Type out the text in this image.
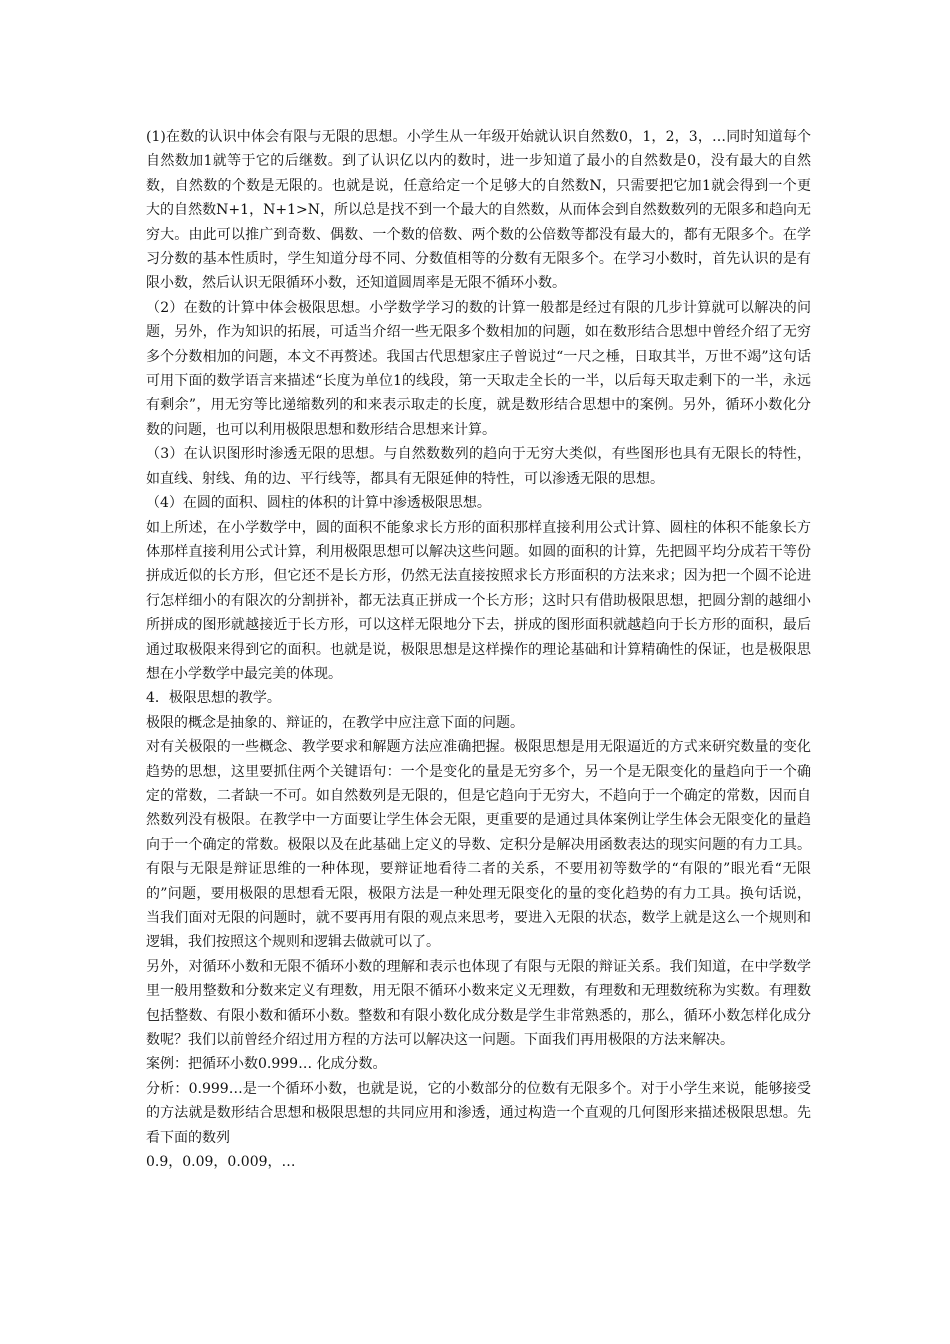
(1)在数的认识中体会有限与无限的思想。小学生从一年级开始就认识自然数0，1，2，3，…同时知道每个自然数加1就等于它的后继数。到了认识亿以内的数时，进一步知道了最小的自然数是0，没有最大的自然数，自然数的个数是无限的。也就是说，任意给定一个足够大的自然数N，只需要把它加1就会得到一个更大的自然数N+1，N+1>N，所以总是找不到一个最大的自然数，从而体会到自然数数列的无限多和趋向无穷大。由此可以推广到奇数、偶数、一个数的倍数、两个数的公倍数等都没有最大的，都有无限多个。在学习分数的基本性质时，学生知道分母不同、分数值相等的分数有无限多个。在学习小数时，首先认识的是有限小数，然后认识无限循环小数，还知道圆周率是无限不循环小数。

（2）在数的计算中体会极限思想。小学数学学习的数的计算一般都是经过有限的几步计算就可以解决的问题，另外，作为知识的拓展，可适当介绍一些无限多个数相加的问题，如在数形结合思想中曾经介绍了无穷多个分数相加的问题，本文不再赘述。我国古代思想家庄子曾说过“一尺之棰，日取其半，万世不竭”这句话可用下面的数学语言来描述“长度为单位1的线段，第一天取走全长的一半，以后每天取走剩下的一半，永远有剩余”，用无穷等比递缩数列的和来表示取走的长度，就是数形结合思想中的案例。另外，循环小数化分数的问题，也可以利用极限思想和数形结合思想来计算。

（3）在认识图形时渗透无限的思想。与自然数数列的趋向于无穷大类似，有些图形也具有无限长的特性，如直线、射线、角的边、平行线等，都具有无限延伸的特性，可以渗透无限的思想。

（4）在圆的面积、圆柱的体积的计算中渗透极限思想。

如上所述，在小学数学中，圆的面积不能象求长方形的面积那样直接利用公式计算、圆柱的体积不能象长方体那样直接利用公式计算，利用极限思想可以解决这些问题。如圆的面积的计算，先把圆平均分成若干等份拼成近似的长方形，但它还不是长方形，仍然无法直接按照求长方形面积的方法来求；因为把一个圆不论进行怎样细小的有限次的分割拼补，都无法真正拼成一个长方形；这时只有借助极限思想，把圆分割的越细小所拼成的图形就越接近于长方形，可以这样无限地分下去，拼成的图形面积就越趋向于长方形的面积，最后通过取极限来得到它的面积。也就是说，极限思想是这样操作的理论基础和计算精确性的保证，也是极限思想在小学数学中最完美的体现。

4．极限思想的教学。

极限的概念是抽象的、辩证的，在教学中应注意下面的问题。

对有关极限的一些概念、教学要求和解题方法应准确把握。极限思想是用无限逼近的方式来研究数量的变化趋势的思想，这里要抓住两个关键语句：一个是变化的量是无穷多个，另一个是无限变化的量趋向于一个确定的常数，二者缺一不可。如自然数列是无限的，但是它趋向于无穷大，不趋向于一个确定的常数，因而自然数列没有极限。在教学中一方面要让学生体会无限，更重要的是通过具体案例让学生体会无限变化的量趋向于一个确定的常数。极限以及在此基础上定义的导数、定积分是解决用函数表达的现实问题的有力工具。有限与无限是辩证思维的一种体现，要辩证地看待二者的关系，不要用初等数学的“有限的”眼光看“无限的”问题，要用极限的思想看无限，极限方法是一种处理无限变化的量的变化趋势的有力工具。换句话说，当我们面对无限的问题时，就不要再用有限的观点来思考，要进入无限的状态，数学上就是这么一个规则和逻辑，我们按照这个规则和逻辑去做就可以了。

另外，对循环小数和无限不循环小数的理解和表示也体现了有限与无限的辩证关系。我们知道，在中学数学里一般用整数和分数来定义有理数，用无限不循环小数来定义无理数，有理数和无理数统称为实数。有理数包括整数、有限小数和循环小数。整数和有限小数化成分数是学生非常熟悉的，那么，循环小数怎样化成分数呢？我们以前曾经介绍过用方程的方法可以解决这一问题。下面我们再用极限的方法来解决。

案例：把循环小数0.999… 化成分数。

分析：0.999…是一个循环小数，也就是说，它的小数部分的位数有无限多个。对于小学生来说，能够接受的方法就是数形结合思想和极限思想的共同应用和渗透，通过构造一个直观的几何图形来描述极限思想。先看下面的数列

0.9，0.09，0.009，…
